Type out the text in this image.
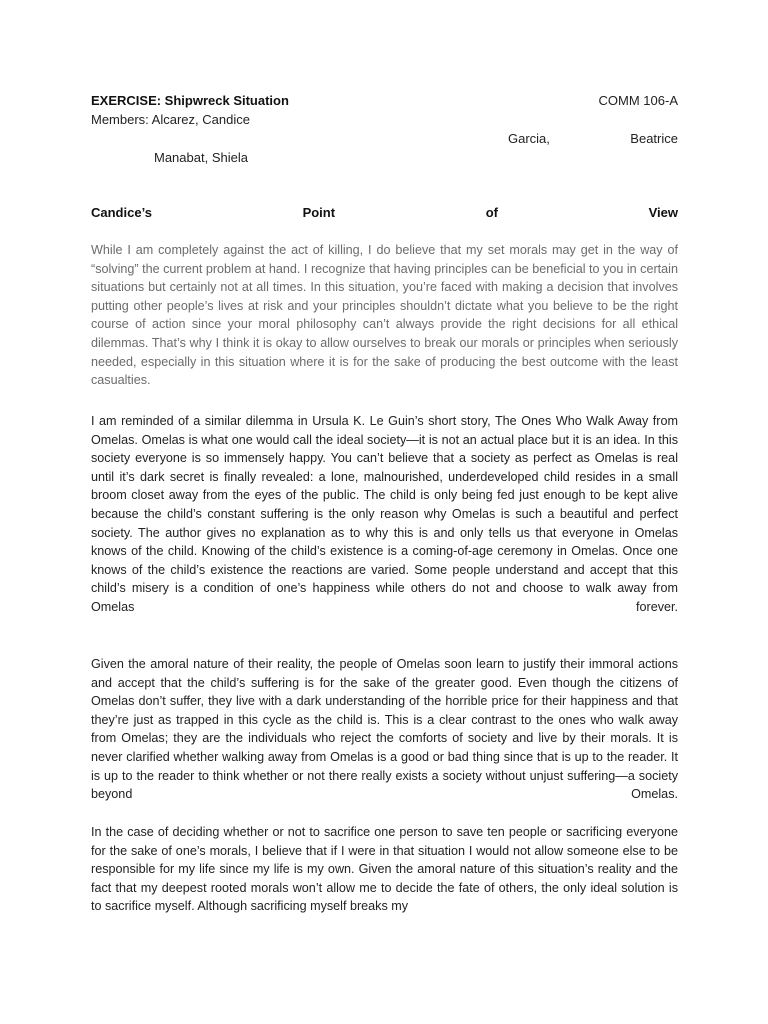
EXERCISE: Shipwreck Situation	COMM 106-A
Members: Alcarez, Candice
Garcia,	Beatrice
Manabat, Shiela
Candice’s	Point	of	View

While I am completely against the act of killing, I do believe that my set morals may get in the way of “solving” the current problem at hand. I recognize that having principles can be beneficial to you in certain situations but certainly not at all times. In this situation, you’re faced with making a decision that involves putting other people’s lives at risk and your principles shouldn’t dictate what you believe to be the right course of action since your moral philosophy can’t always provide the right decisions for all ethical dilemmas. That’s why I think it is okay to allow ourselves to break our morals or principles when seriously needed, especially in this situation where it is for the sake of producing the best outcome with the least casualties.

I am reminded of a similar dilemma in Ursula K. Le Guin’s short story, The Ones Who Walk Away from Omelas. Omelas is what one would call the ideal society—it is not an actual place but it is an idea. In this society everyone is so immensely happy. You can’t believe that a society as perfect as Omelas is real until it’s dark secret is finally revealed: a lone, malnourished, underdeveloped child resides in a small broom closet away from the eyes of the public. The child is only being fed just enough to be kept alive because the child’s constant suffering is the only reason why Omelas is such a beautiful and perfect society. The author gives no explanation as to why this is and only tells us that everyone in Omelas knows of the child. Knowing of the child’s existence is a coming-of-age ceremony in Omelas. Once one knows of the child’s existence the reactions are varied. Some people understand and accept that this child’s misery is a condition of one’s happiness while others do not and choose to walk away from Omelas forever.

Given the amoral nature of their reality, the people of Omelas soon learn to justify their immoral actions and accept that the child’s suffering is for the sake of the greater good. Even though the citizens of Omelas don’t suffer, they live with a dark understanding of the horrible price for their happiness and that they’re just as trapped in this cycle as the child is. This is a clear contrast to the ones who walk away from Omelas; they are the individuals who reject the comforts of society and live by their morals. It is never clarified whether walking away from Omelas is a good or bad thing since that is up to the reader. It is up to the reader to think whether or not there really exists a society without unjust suffering—a society beyond Omelas.

In the case of deciding whether or not to sacrifice one person to save ten people or sacrificing everyone for the sake of one’s morals, I believe that if I were in that situation I would not allow someone else to be responsible for my life since my life is my own. Given the amoral nature of this situation’s reality and the fact that my deepest rooted morals won’t allow me to decide the fate of others, the only ideal solution is to sacrifice myself. Although sacrificing myself breaks my
